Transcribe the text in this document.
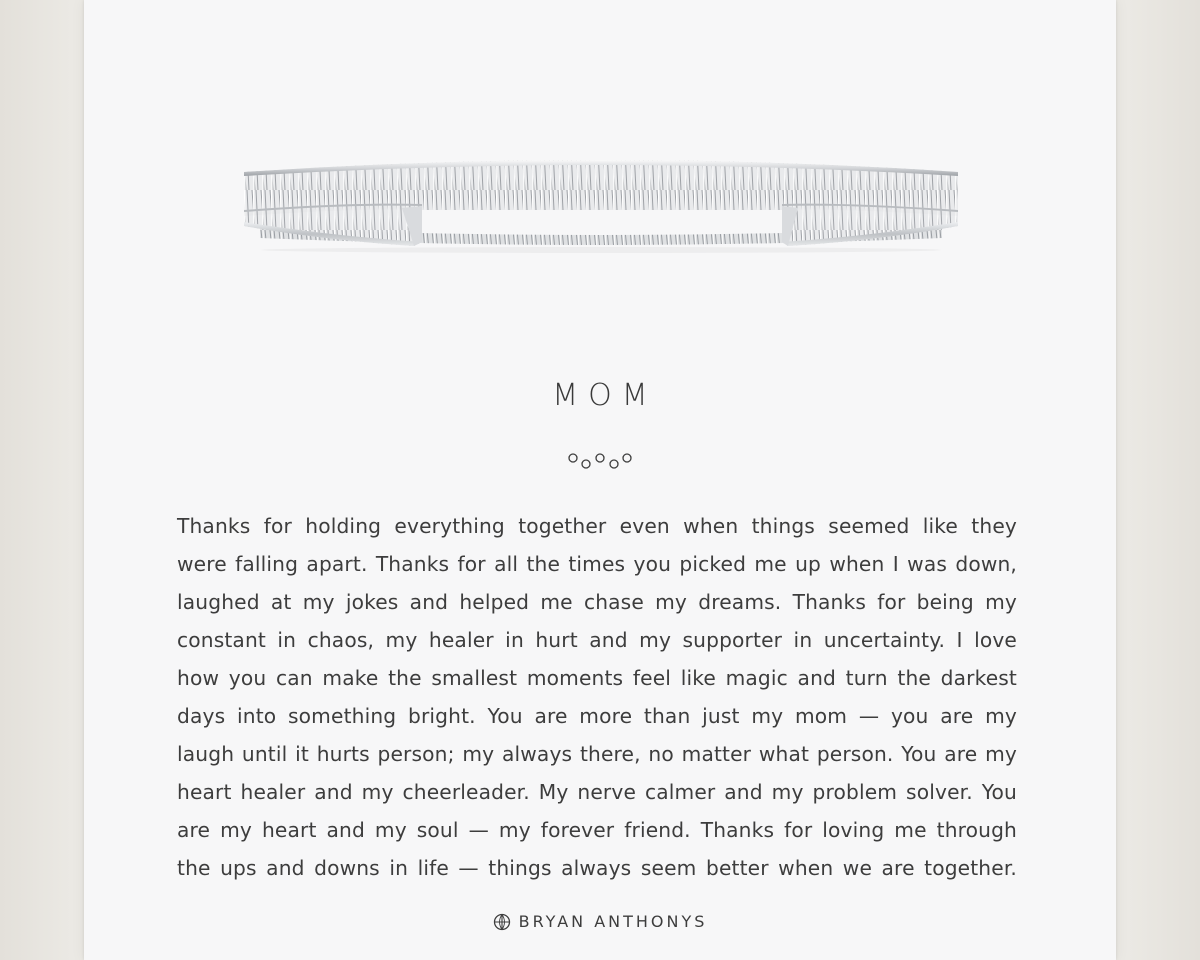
MOM

Thanks for holding everything together even when things seemed like they
were falling apart. Thanks for all the times you picked me up when I was down,
laughed at my jokes and helped me chase my dreams. Thanks for being my
constant in chaos, my healer in hurt and my supporter in uncertainty. I love
how you can make the smallest moments feel like magic and turn the darkest
days into something bright. You are more than just my mom — you are my
laugh until it hurts person; my always there, no matter what person. You are my
heart healer and my cheerleader. My nerve calmer and my problem solver. You
are my heart and my soul — my forever friend. Thanks for loving me through
the ups and downs in life — things always seem better when we are together.

BRYAN ANTHONYS
